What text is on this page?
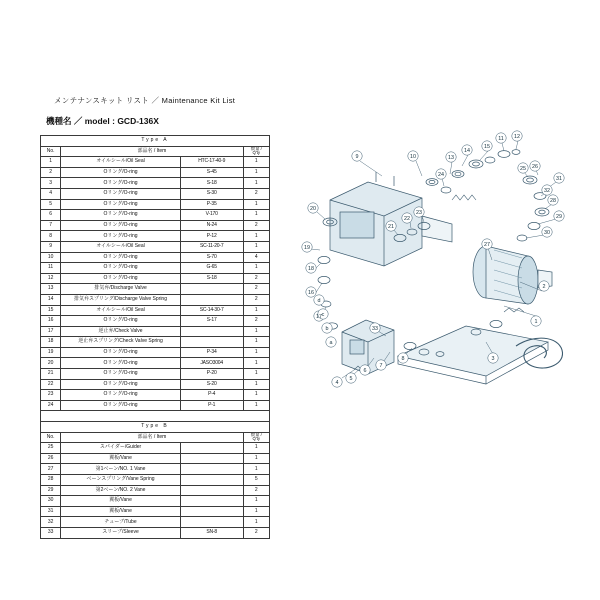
メンテナンスキット リスト ／ Maintenance Kit List
機種名 ／ model : GCD-136X
Type A			
No.	部品名 / Item		数量 /
Q'ty
1	オイルシール/Oil Seal	HTC-17-40-9	1
2	Oリング/O-ring	S-45	1
3	Oリング/O-ring	S-18	1
4	Oリング/O-ring	S-30	2
5	Oリング/O-ring	P-35	1
6	Oリング/O-ring	V-170	1
7	Oリング/O-ring	N-24	2
8	Oリング/O-ring	P-12	1
9	オイルシール/Oil Seal	SC-11-20-7	1
10	Oリング/O-ring	S-70	4
11	Oリング/O-ring	G-65	1
12	Oリング/O-ring	S-18	2
13	排気弁/Discharge Valve		2
14	排気弁スプリング/Discharge Valve Spring		2
15	オイルシール/Oil Seal	SC-14-30-7	1
16	Oリング/O-ring	S-17	2
17	逆止弁/Check Valve		1
18	逆止弁スプリング/Check Valve Spring		1
19	Oリング/O-ring	P-34	1
20	Oリング/O-ring	JASO3004	1
21	Oリング/O-ring	P-20	1
22	Oリング/O-ring	S-20	1
23	Oリング/O-ring	P-4	1
24	Oリング/O-ring	P-1	1

Type B			
No.	部品名 / Item		数量 /
Q'ty
25	スパイダー/Guider		1
26	翼板/Vane		1
27	第1ベーン/NO. 1 Vane		1
28	ベーンスプリング/Vane Spring		5
29	第2ベーン/NO. 2 Vane		2
30	翼板/Vane		1
31	翼板/Vane		1
32	チューブ/Tube		1
33	スリーブ/Sleeve	SN-8	2
1
2
3
4
5
6
7
8
9	10
11 12
13
14
15
16
17
18
19
20
21
22
23
24
25 26
27
28
29
30
31
32
33
a
b
c
d
